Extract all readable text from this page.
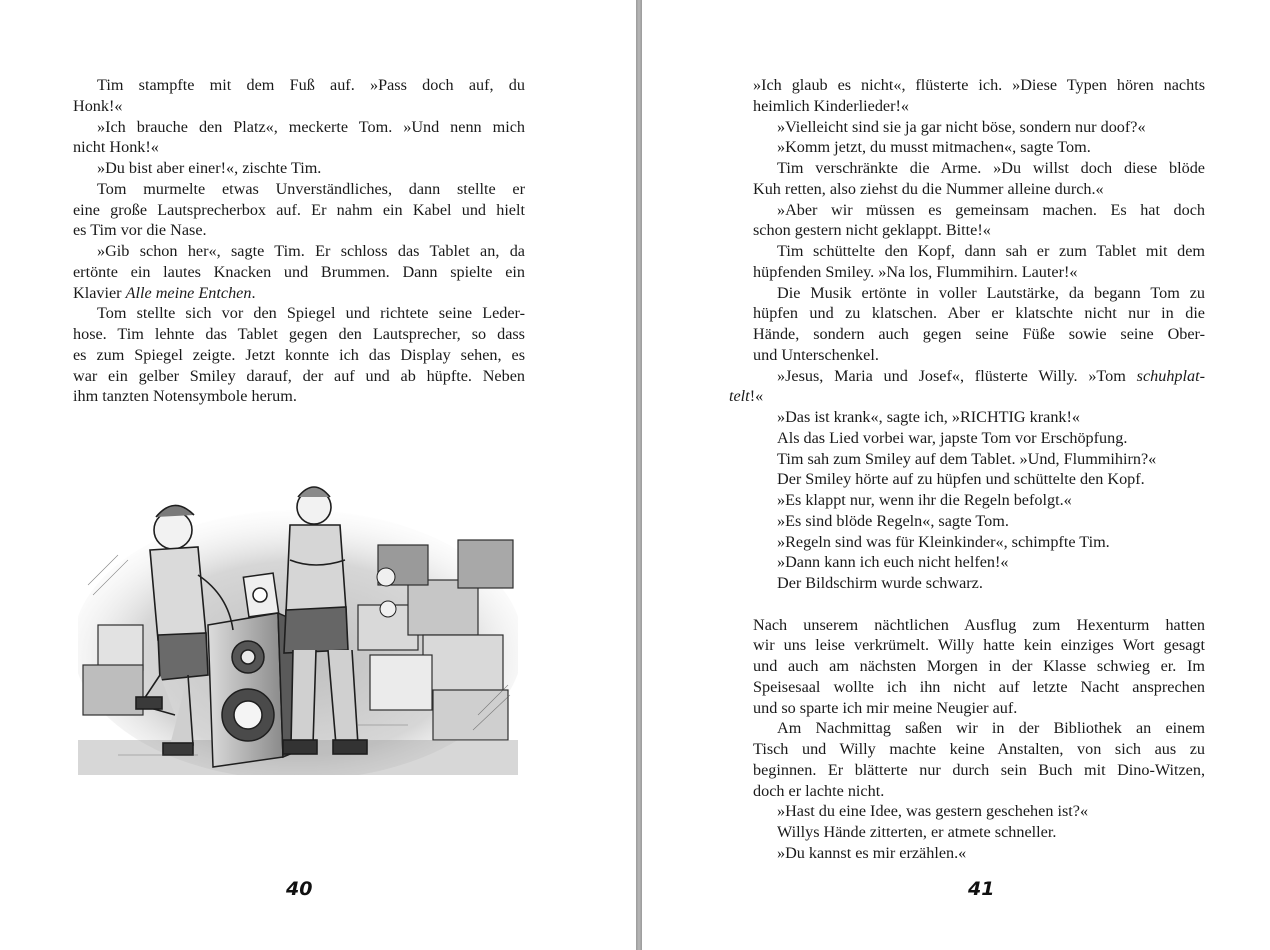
Tim stampfte mit dem Fuß auf. »Pass doch auf, du
Honk!«

»Ich brauche den Platz«, meckerte Tom. »Und nenn mich
nicht Honk!«

»Du bist aber einer!«, zischte Tim.

Tom murmelte etwas Unverständliches, dann stellte er
eine große Lautsprecherbox auf. Er nahm ein Kabel und hielt
es Tim vor die Nase.

»Gib schon her«, sagte Tim. Er schloss das Tablet an, da
ertönte ein lautes Knacken und Brummen. Dann spielte ein
Klavier Alle meine Entchen.

Tom stellte sich vor den Spiegel und richtete seine Leder-
hose. Tim lehnte das Tablet gegen den Lautsprecher, so dass
es zum Spiegel zeigte. Jetzt konnte ich das Display sehen, es
war ein gelber Smiley darauf, der auf und ab hüpfte. Neben
ihm tanzten Notensymbole herum.

40

»Ich glaub es nicht«, flüsterte ich. »Diese Typen hören nachts
heimlich Kinderlieder!«

»Vielleicht sind sie ja gar nicht böse, sondern nur doof?«

»Komm jetzt, du musst mitmachen«, sagte Tom.

Tim verschränkte die Arme. »Du willst doch diese blöde
Kuh retten, also ziehst du die Nummer alleine durch.«

»Aber wir müssen es gemeinsam machen. Es hat doch
schon gestern nicht geklappt. Bitte!«

Tim schüttelte den Kopf, dann sah er zum Tablet mit dem
hüpfenden Smiley. »Na los, Flummihirn. Lauter!«

Die Musik ertönte in voller Lautstärke, da begann Tom zu
hüpfen und zu klatschen. Aber er klatschte nicht nur in die
Hände, sondern auch gegen seine Füße sowie seine Ober-
und Unterschenkel.

»Jesus, Maria und Josef«, flüsterte Willy. »Tom schuhplat-
telt!«

»Das ist krank«, sagte ich, »RICHTIG krank!«

Als das Lied vorbei war, japste Tom vor Erschöpfung.

Tim sah zum Smiley auf dem Tablet. »Und, Flummihirn?«

Der Smiley hörte auf zu hüpfen und schüttelte den Kopf.

»Es klappt nur, wenn ihr die Regeln befolgt.«

»Es sind blöde Regeln«, sagte Tom.

»Regeln sind was für Kleinkinder«, schimpfte Tim.

»Dann kann ich euch nicht helfen!«

Der Bildschirm wurde schwarz.

Nach unserem nächtlichen Ausflug zum Hexenturm hatten
wir uns leise verkrümelt. Willy hatte kein einziges Wort gesagt
und auch am nächsten Morgen in der Klasse schwieg er. Im
Speisesaal wollte ich ihn nicht auf letzte Nacht ansprechen
und so sparte ich mir meine Neugier auf.

Am Nachmittag saßen wir in der Bibliothek an einem
Tisch und Willy machte keine Anstalten, von sich aus zu
beginnen. Er blätterte nur durch sein Buch mit Dino-Witzen,
doch er lachte nicht.

»Hast du eine Idee, was gestern geschehen ist?«

Willys Hände zitterten, er atmete schneller.

»Du kannst es mir erzählen.«

41
